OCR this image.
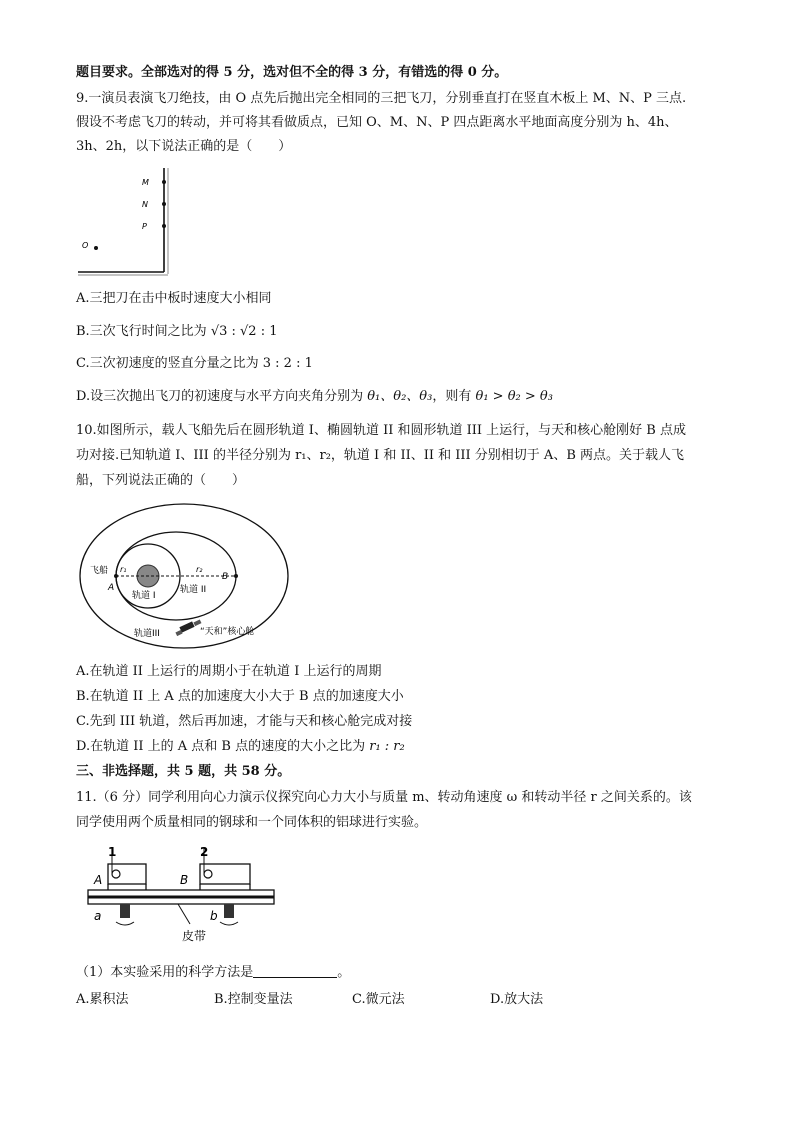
题目要求。全部选对的得 5 分，选对但不全的得 3 分，有错选的得 0 分。
9.一演员表演飞刀绝技，由 O 点先后抛出完全相同的三把飞刀，分别垂直打在竖直木板上 M、N、P 三点.
假设不考虑飞刀的转动，并可将其看做质点，已知 O、M、N、P 四点距离水平地面高度分别为 h、4h、
3h、2h，以下说法正确的是（　　）
M
N
P
O
A.三把刀在击中板时速度大小相同
B.三次飞行时间之比为 √3 : √2 : 1
C.三次初速度的竖直分量之比为 3 : 2 : 1
D.设三次抛出飞刀的初速度与水平方向夹角分别为 θ₁、θ₂、θ₃，则有 θ₁ > θ₂ > θ₃
10.如图所示，载人飞船先后在圆形轨道 I、椭圆轨道 II 和圆形轨道 III 上运行，与天和核心舱刚好 B 点成
功对接.已知轨道 I、III 的半径分别为 r₁、r₂，轨道 I 和 II、II 和 III 分别相切于 A、B 两点。关于载人飞
船，下列说法正确的（　　）
飞船
A
B
r₁	r₂
轨道 I
轨道 II
轨道III	“天和”核心舱
A.在轨道 II 上运行的周期小于在轨道 I 上运行的周期
B.在轨道 II 上 A 点的加速度大小大于 B 点的加速度大小
C.先到 III 轨道，然后再加速，才能与天和核心舱完成对接
D.在轨道 II 上的 A 点和 B 点的速度的大小之比为 r₁ : r₂
三、非选择题，共 5 题，共 58 分。
11.（6 分）同学利用向心力演示仪探究向心力大小与质量 m、转动角速度 ω 和转动半径 r 之间关系的。该
同学使用两个质量相同的钢球和一个同体积的铝球进行实验。
1	2
A	B
a	b
皮带
（1）本实验采用的科学方法是	。
A.累积法	B.控制变量法	C.微元法	D.放大法
